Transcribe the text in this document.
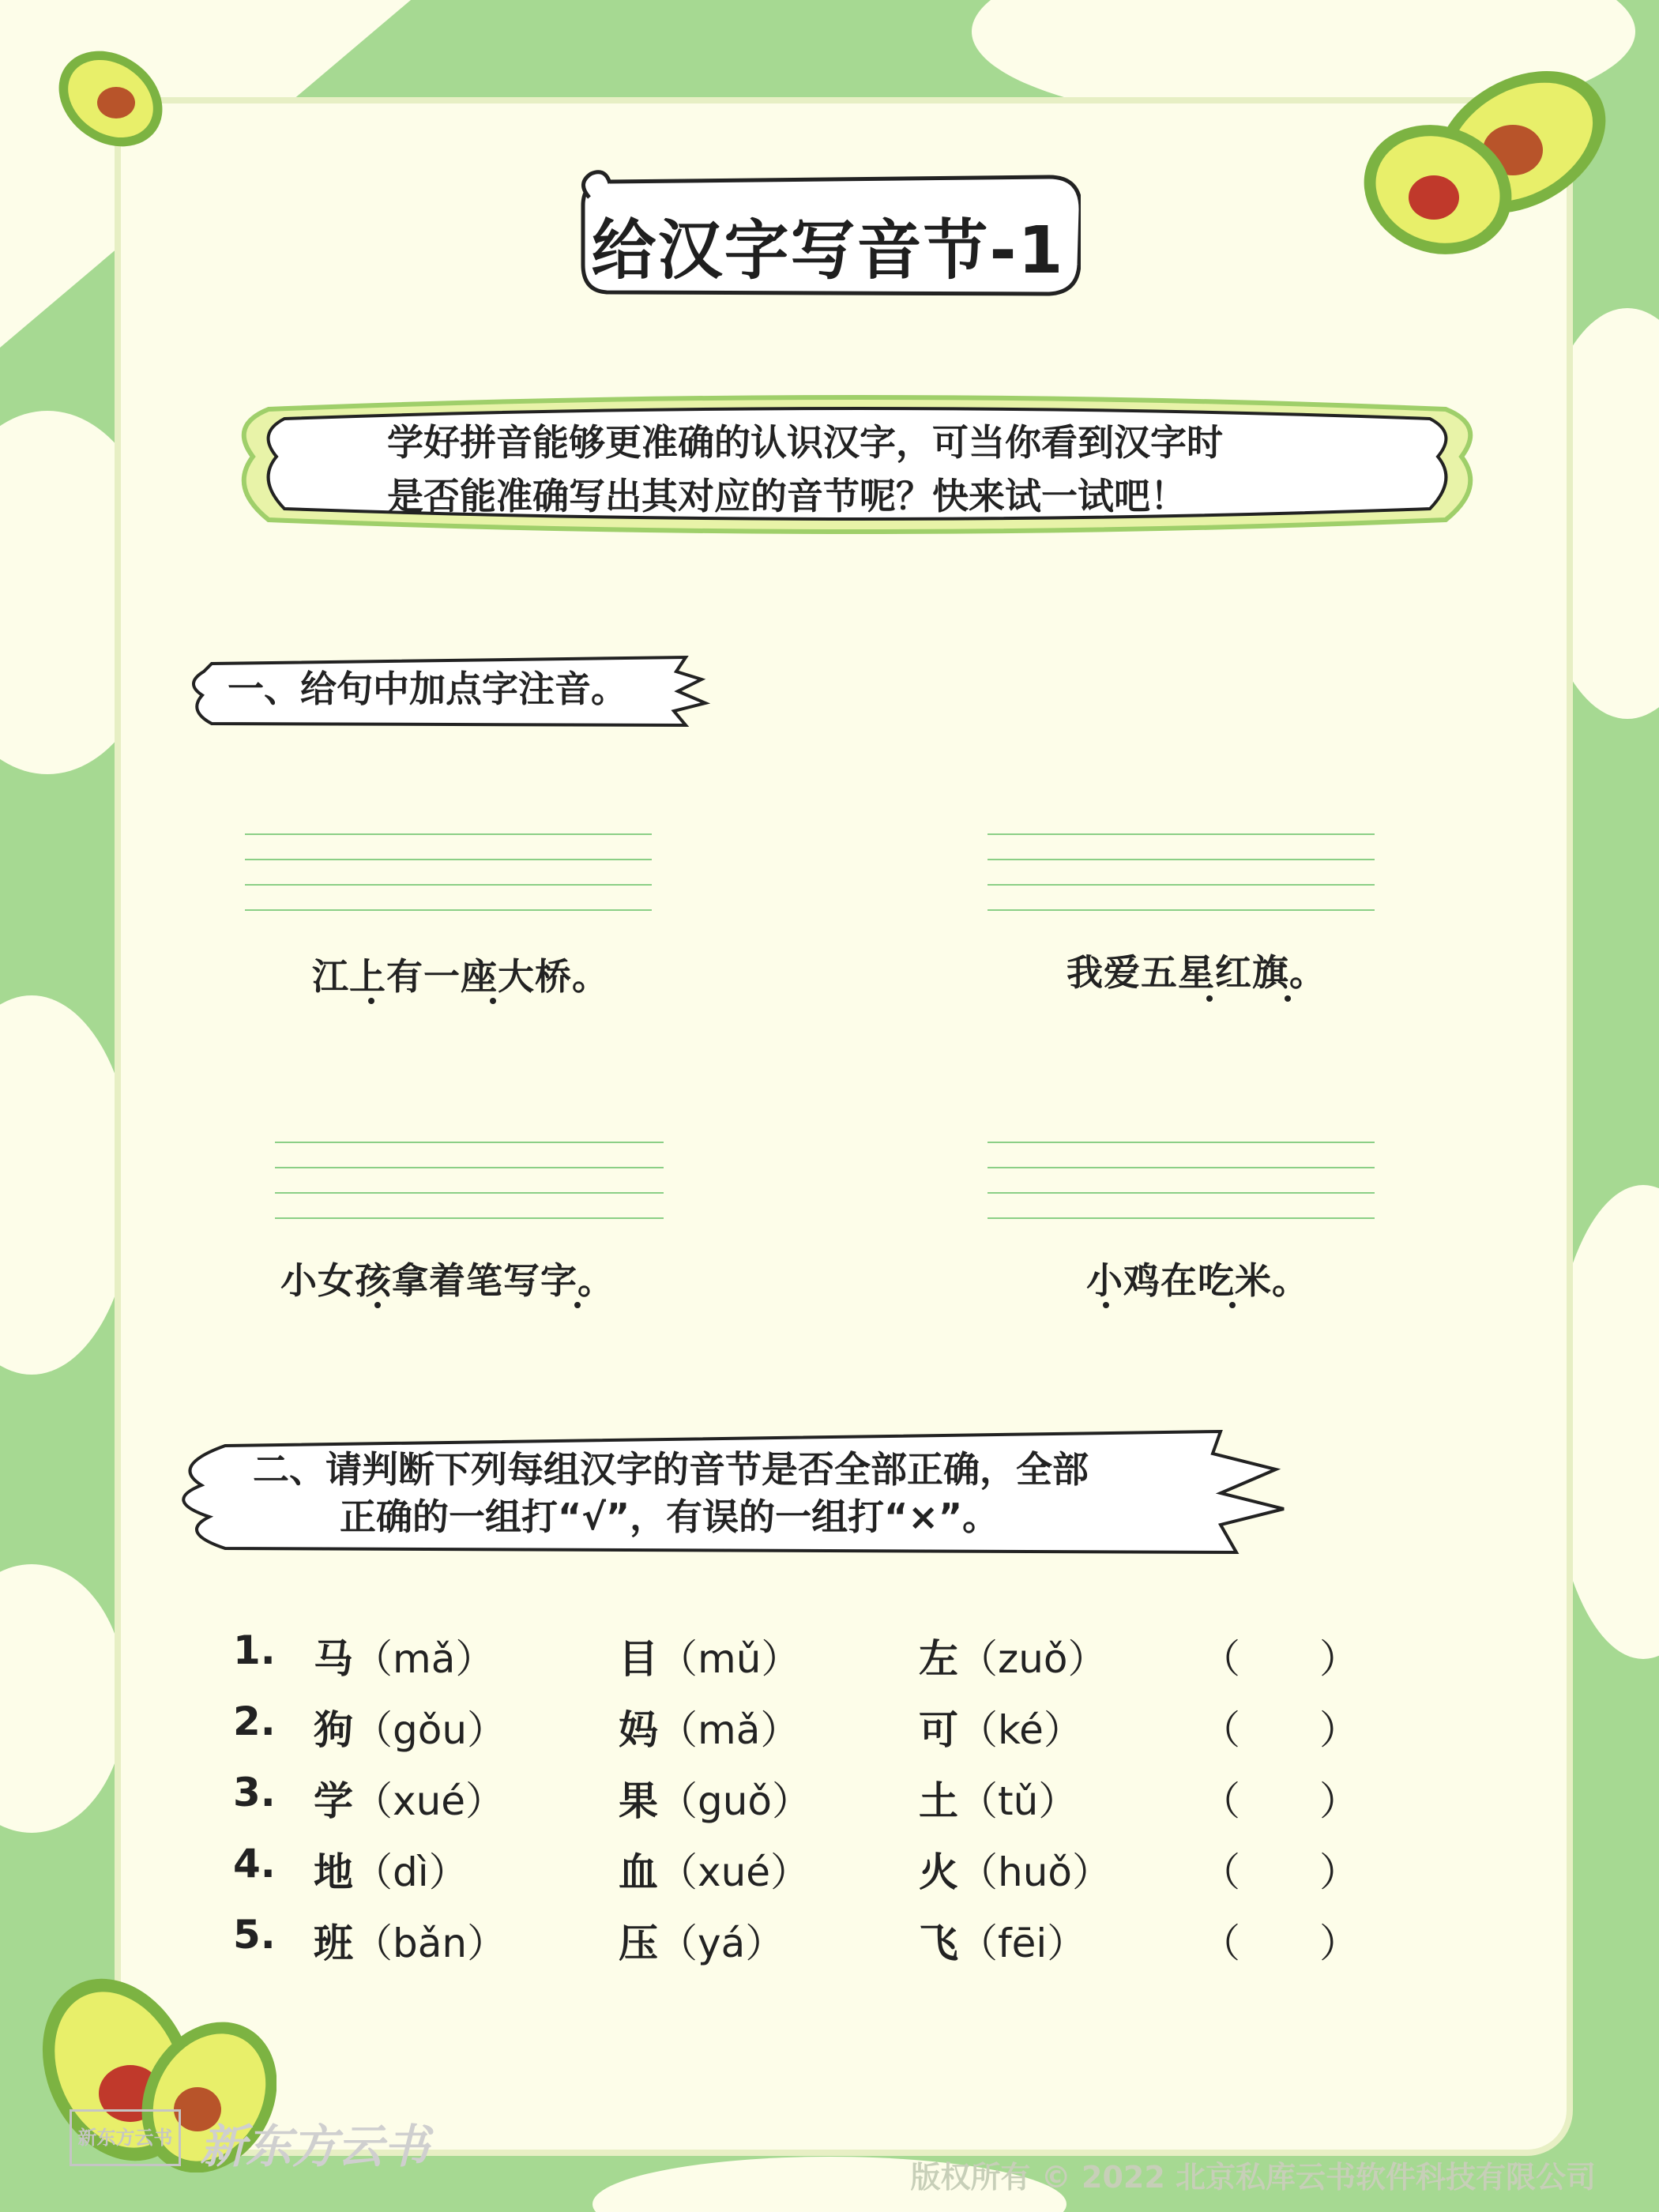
给汉字写音节-1
学好拼音能够更准确的认识汉字，可当你看到汉字时
是否能准确写出其对应的音节呢？快来试一试吧！
一、给句中加点字注音。
江上有一座大桥。	我爱五星红旗。
小女孩拿着笔写字。	小鸡在吃米。
二、请判断下列每组汉字的音节是否全部正确，全部
正确的一组打“√”，有误的一组打“×”。
1. 马 （mǎ）	目 （mǔ）	左 （zuǒ） （　　）
2. 狗 （gǒu）	妈 （mǎ）	可 （ké）	（　　）
3. 学 （xué）	果 （guǒ）	土 （tǔ）	（　　）
4. 地 （dì）	血 （xué）	火 （huǒ） （　　）
5. 班 （bǎn）	压 （yá）	飞 （fēi）	（　　）
新东方云书 新东方云书
版权所有 © 2022 北京私库云书软件科技有限公司
